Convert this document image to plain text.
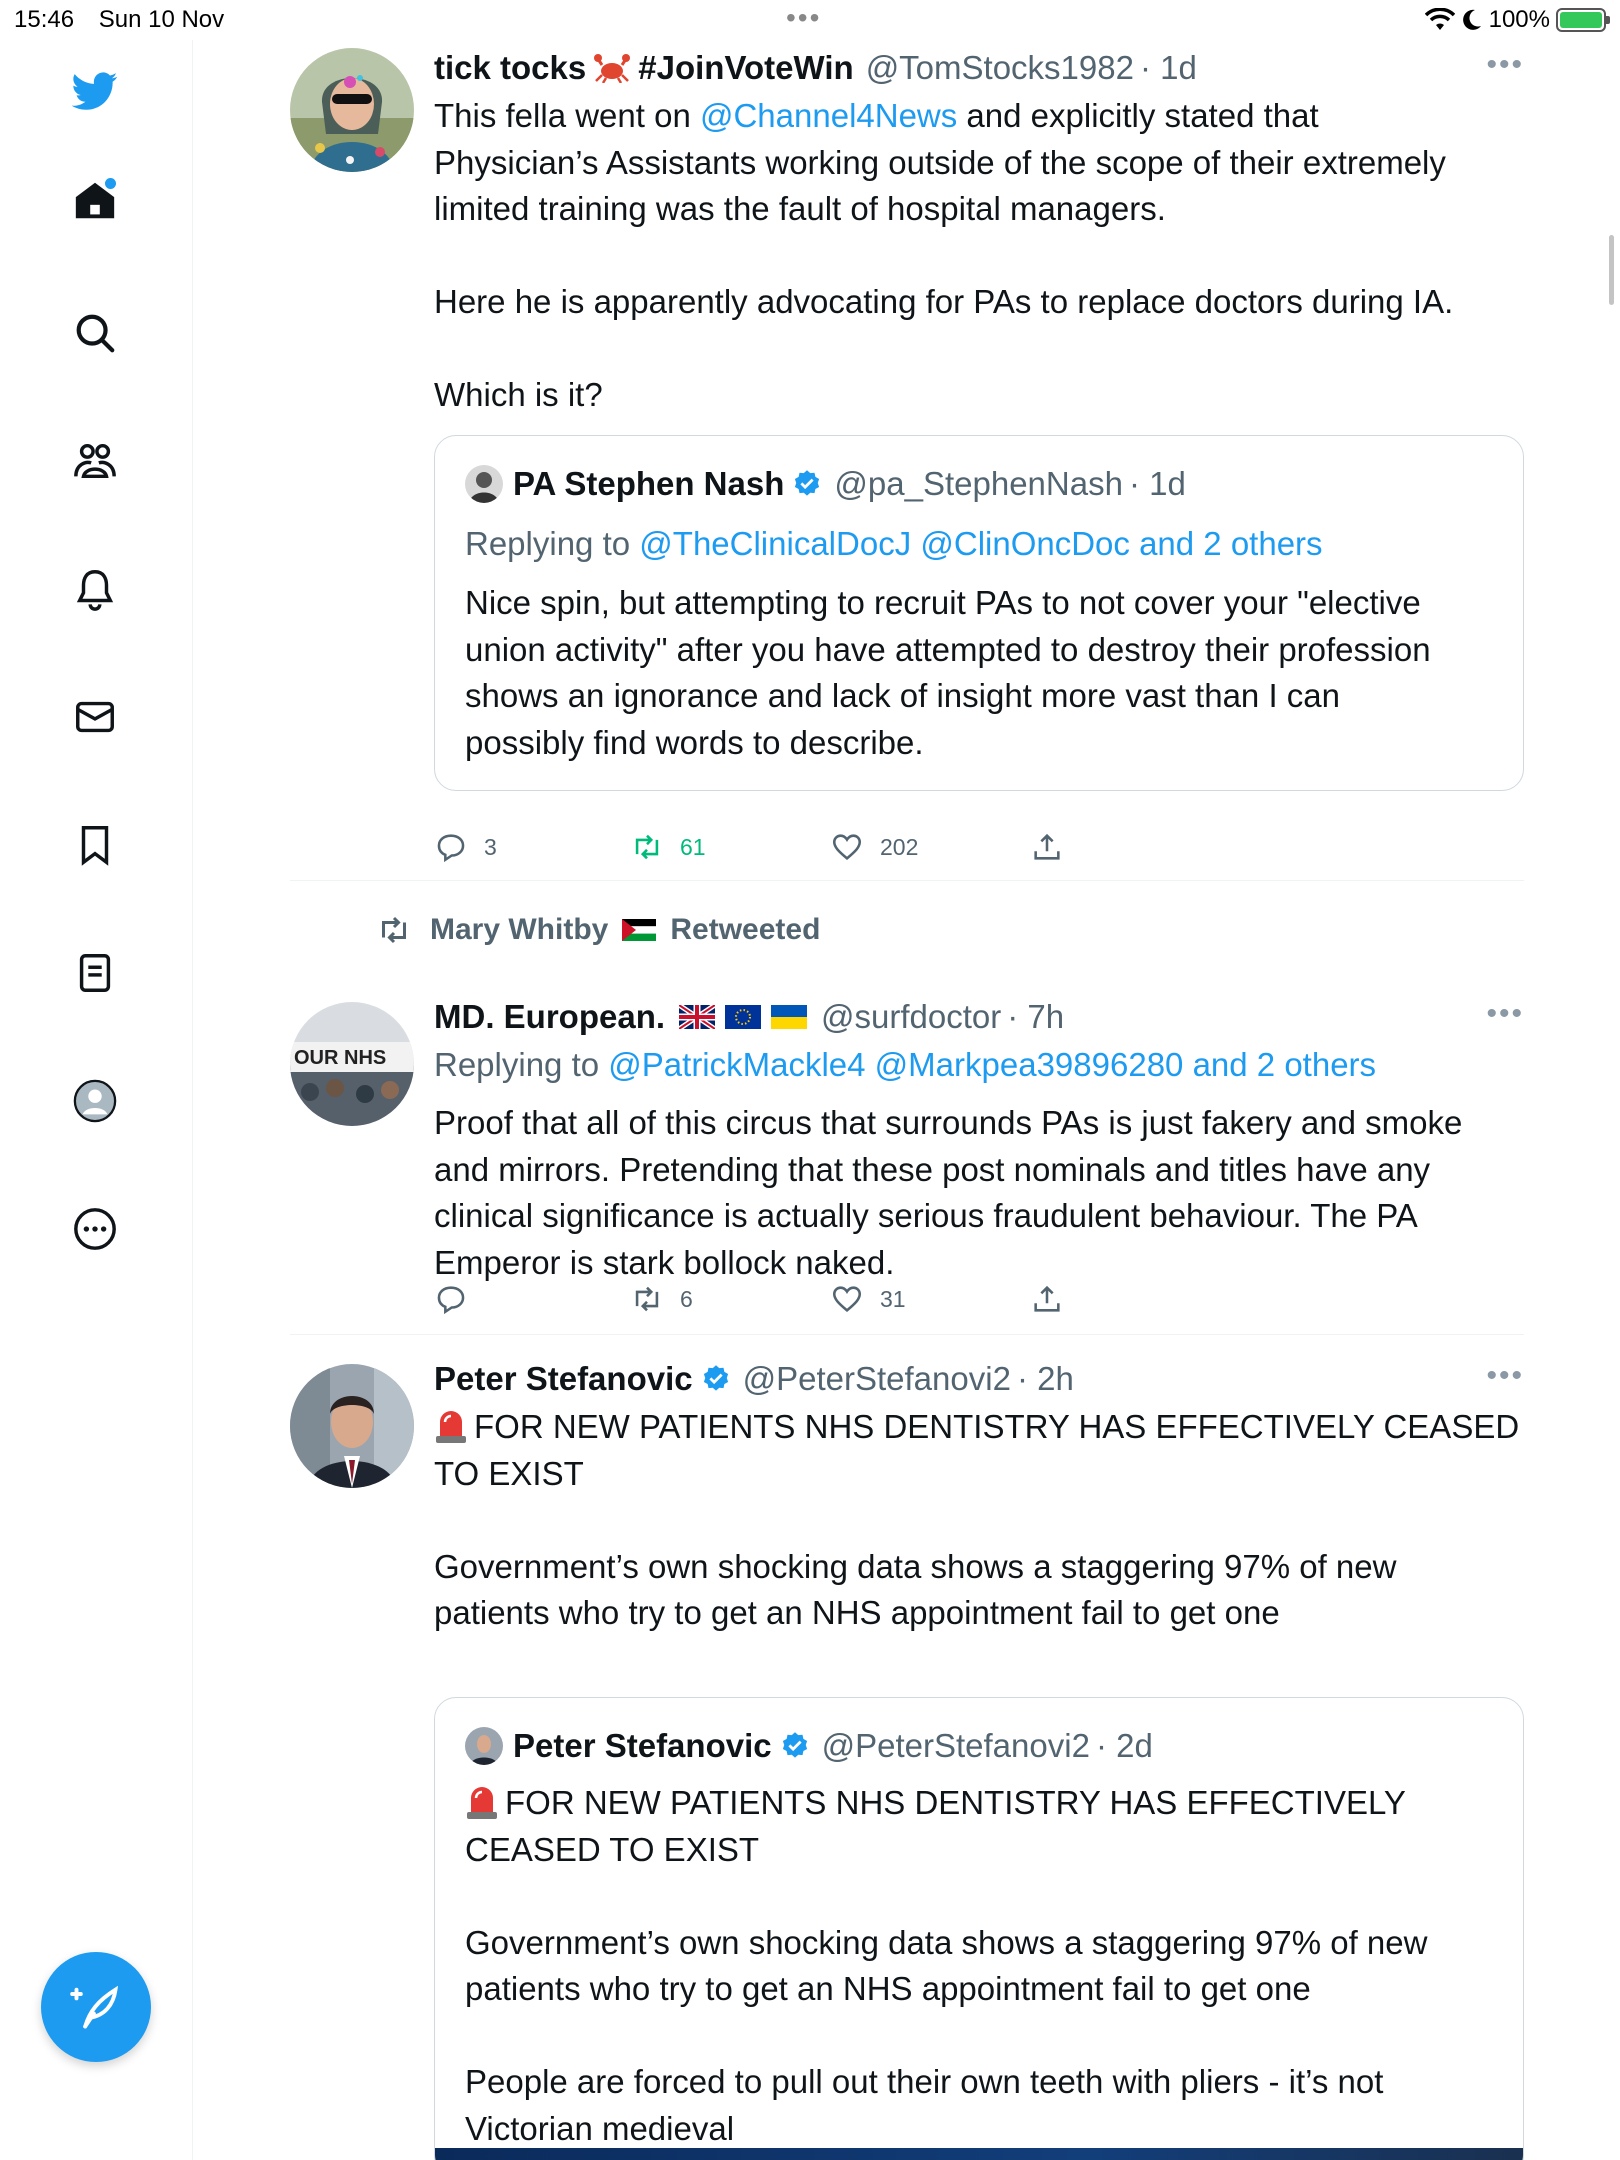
15:46 Sun 10 Nov	•••	100%
tick tocks #JoinVoteWin @TomStocks1982 · 1d	•••

This fella went on @Channel4News and explicitly stated that

Physician’s Assistants working outside of the scope of their extremely

limited training was the fault of hospital managers.

Here he is apparently advocating for PAs to replace doctors during IA.

Which is it?

PA Stephen Nash @pa_StephenNash · 1d
Replying to @TheClinicalDocJ @ClinOncDoc and 2 others

Nice spin, but attempting to recruit PAs to not cover your "elective

union activity" after you have attempted to destroy their profession

shows an ignorance and lack of insight more vast than I can

possibly find words to describe.

3	61	202
Mary Whitby Retweeted
OUR NHS
MD. European.	@surfdoctor · 7h	•••
Replying to @PatrickMackle4 @Markpea39896280 and 2 others

Proof that all of this circus that surrounds PAs is just fakery and smoke

and mirrors. Pretending that these post nominals and titles have any

clinical significance is actually serious fraudulent behaviour. The PA

Emperor is stark bollock naked.

6	31
Peter Stefanovic @PeterStefanovi2 · 2h	•••

FOR NEW PATIENTS NHS DENTISTRY HAS EFFECTIVELY CEASED

TO EXIST

Government’s own shocking data shows a staggering 97% of new

patients who try to get an NHS appointment fail to get one

Peter Stefanovic @PeterStefanovi2 · 2d

FOR NEW PATIENTS NHS DENTISTRY HAS EFFECTIVELY

CEASED TO EXIST

Government’s own shocking data shows a staggering 97% of new

patients who try to get an NHS appointment fail to get one

People are forced to pull out their own teeth with pliers - it’s not

Victorian medieval
